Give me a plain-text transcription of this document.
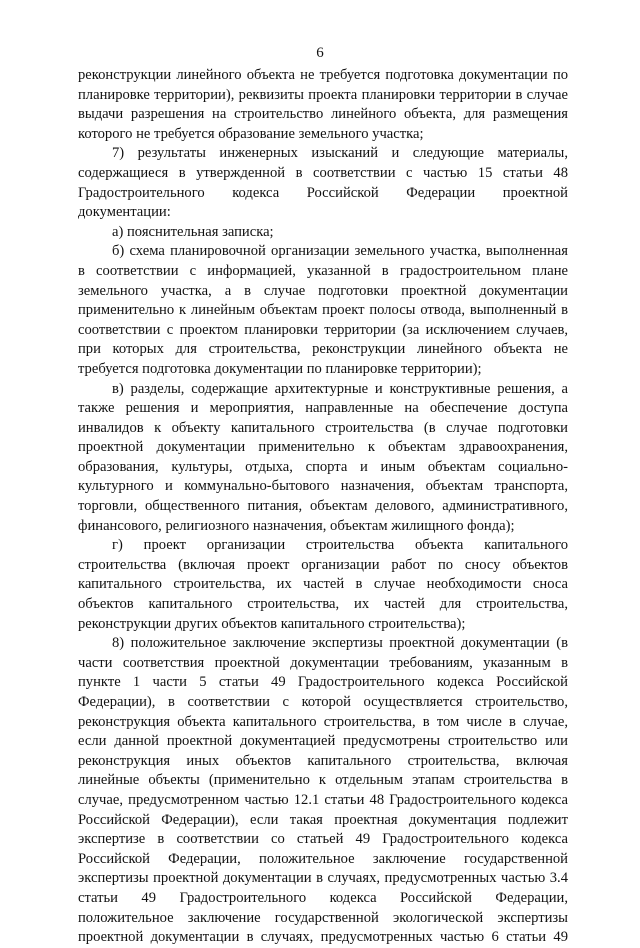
6

реконструкции линейного объекта не требуется подготовка документации по планировке территории), реквизиты проекта планировки территории в случае выдачи разрешения на строительство линейного объекта, для размещения которого не требуется образование земельного участка;

7) результаты инженерных изысканий и следующие материалы, содержащиеся в утвержденной в соответствии с частью 15 статьи 48 Градостроительного кодекса Российской Федерации проектной документации:

а) пояснительная записка;

б) схема планировочной организации земельного участка, выполненная в соответствии с информацией, указанной в градостроительном плане земельного участка, а в случае подготовки проектной документации применительно к линейным объектам проект полосы отвода, выполненный в соответствии с проектом планировки территории (за исключением случаев, при которых для строительства, реконструкции линейного объекта не требуется подготовка документации по планировке территории);

в) разделы, содержащие архитектурные и конструктивные решения, а также решения и мероприятия, направленные на обеспечение доступа инвалидов к объекту капитального строительства (в случае подготовки проектной документации применительно к объектам здравоохранения, образования, культуры, отдыха, спорта и иным объектам социально-культурного и коммунально-бытового назначения, объектам транспорта, торговли, общественного питания, объектам делового, административного, финансового, религиозного назначения, объектам жилищного фонда);

г) проект организации строительства объекта капитального строительства (включая проект организации работ по сносу объектов капитального строительства, их частей в случае необходимости сноса объектов капитального строительства, их частей для строительства, реконструкции других объектов капитального строительства);

8) положительное заключение экспертизы проектной документации (в части соответствия проектной документации требованиям, указанным в пункте 1 части 5 статьи 49 Градостроительного кодекса Российской Федерации), в соответствии с которой осуществляется строительство, реконструкция объекта капитального строительства, в том числе в случае, если данной проектной документацией предусмотрены строительство или реконструкция иных объектов капитального строительства, включая линейные объекты (применительно к отдельным этапам строительства в случае, предусмотренном частью 12.1 статьи 48 Градостроительного кодекса Российской Федерации), если такая проектная документация подлежит экспертизе в соответствии со статьей 49 Градостроительного кодекса Российской Федерации, положительное заключение государственной экспертизы проектной документации в случаях, предусмотренных частью 3.4 статьи 49 Градостроительного кодекса Российской Федерации, положительное заключение государственной экологической экспертизы проектной документации в случаях, предусмотренных частью 6 статьи 49
